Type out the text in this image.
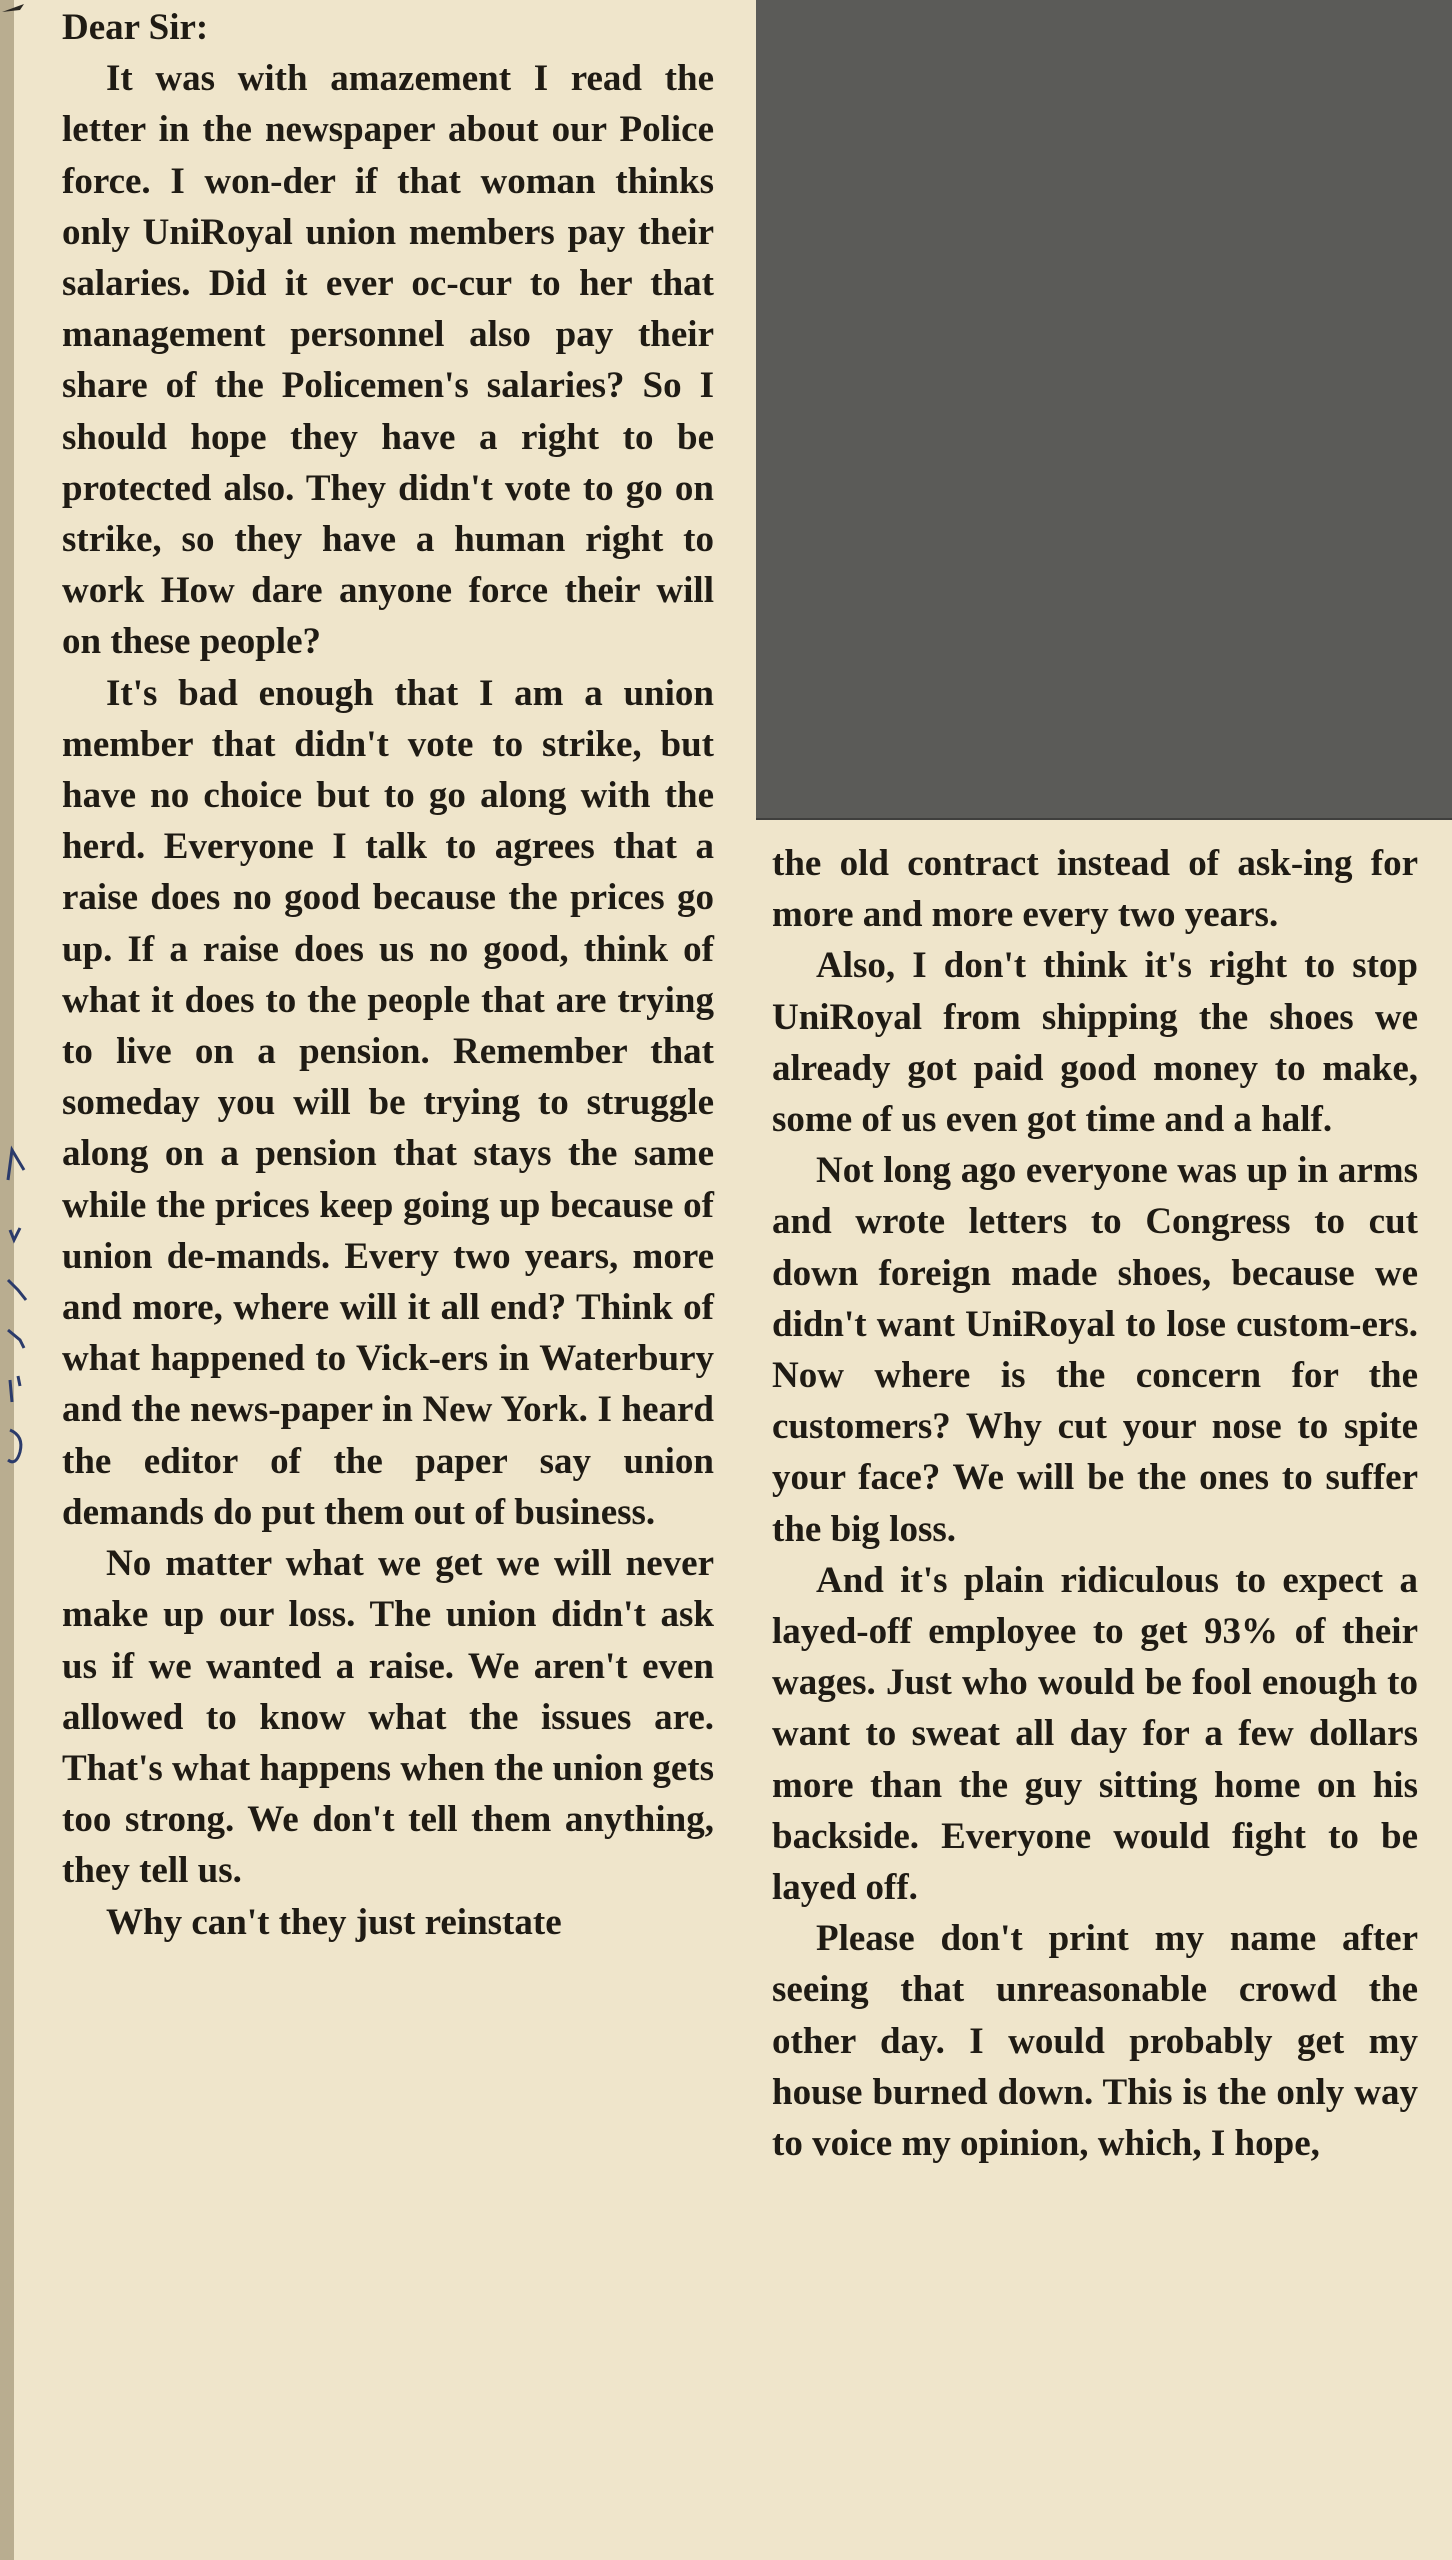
Dear Sir:

It was with amazement I read the letter in the newspaper about our Police force. I won-der if that woman thinks only UniRoyal union members pay their salaries. Did it ever oc-cur to her that management personnel also pay their share of the Policemen's salaries? So I should hope they have a right to be protected also. They didn't vote to go on strike, so they have a human right to work How dare anyone force their will on these people?

It's bad enough that I am a union member that didn't vote to strike, but have no choice but to go along with the herd. Everyone I talk to agrees that a raise does no good because the prices go up. If a raise does us no good, think of what it does to the people that are trying to live on a pension. Remember that someday you will be trying to struggle along on a pension that stays the same while the prices keep going up because of union de-mands. Every two years, more and more, where will it all end? Think of what happened to Vick-ers in Waterbury and the news-paper in New York. I heard the editor of the paper say union demands do put them out of business.

No matter what we get we will never make up our loss. The union didn't ask us if we wanted a raise. We aren't even allowed to know what the issues are. That's what happens when the union gets too strong. We don't tell them anything, they tell us.

Why can't they just reinstate

the old contract instead of ask-ing for more and more every two years.

Also, I don't think it's right to stop UniRoyal from shipping the shoes we already got paid good money to make, some of us even got time and a half.

Not long ago everyone was up in arms and wrote letters to Congress to cut down foreign made shoes, because we didn't want UniRoyal to lose custom-ers. Now where is the concern for the customers? Why cut your nose to spite your face? We will be the ones to suffer the big loss.

And it's plain ridiculous to expect a layed-off employee to get 93% of their wages. Just who would be fool enough to want to sweat all day for a few dollars more than the guy sitting home on his backside. Everyone would fight to be layed off.

Please don't print my name after seeing that unreasonable crowd the other day. I would probably get my house burned down. This is the only way to voice my opinion, which, I hope,
